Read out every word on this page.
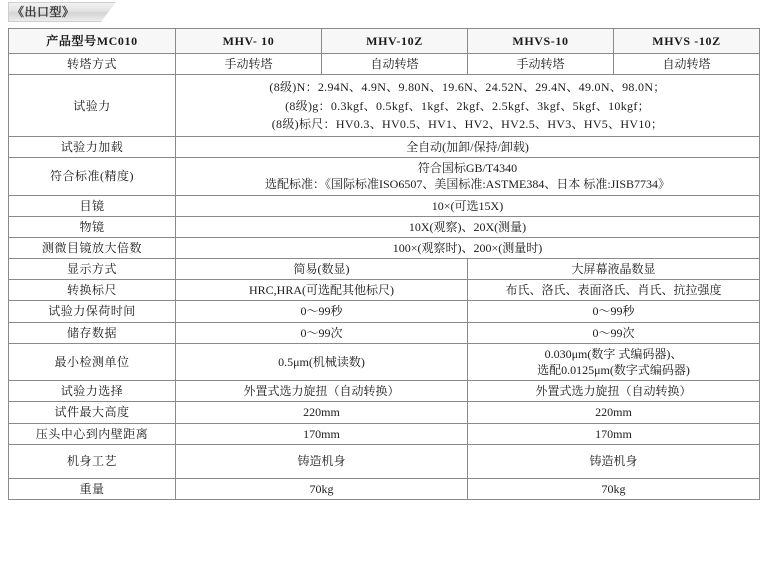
《出口型》
产品型号MC010	MHV- 10	MHV-10Z	MHVS-10	MHVS -10Z
转塔方式	手动转塔	自动转塔	手动转塔	自动转塔
试验力	(8级)N：2.94N、4.9N、9.80N、19.6N、24.52N、29.4N、49.0N、98.0N；
(8级)g：0.3kgf、0.5kgf、1kgf、2kgf、2.5kgf、3kgf、5kgf、10kgf；
(8级)标尺：HV0.3、HV0.5、HV1、HV2、HV2.5、HV3、HV5、HV10；			

试验力加载	全自动(加卸/保持/卸载)			
符合标准(精度)	符合国标GB/T4340
选配标准：《国际标准ISO6507、美国标准:ASTME384、日本 标准:JISB7734》			

目镜	10×(可选15X)			
物镜	10X(观察)、20X(测量)			
测微目镜放大倍数	100×(观察时)、200×(测量时)			
显示方式	简易(数显)		大屏幕液晶数显	
转换标尺	HRC,HRA(可选配其他标尺)		布氏、洛氏、表面洛氏、肖氏、抗拉强度	
试验力保荷时间	0～99秒		0～99秒	
储存数据	0～99次		0～99次	
最小检测单位	0.5μm(机械读数)		0.030μm(数字 式编码器)、
选配0.0125μm(数字式编码器)	

试验力选择	外置式选力旋扭（自动转换）		外置式选力旋扭（自动转换）	
试件最大高度	220mm		220mm	
压头中心到内壁距离	170mm		170mm	
机身工艺	铸造机身		铸造机身	
重量	70kg		70kg	
